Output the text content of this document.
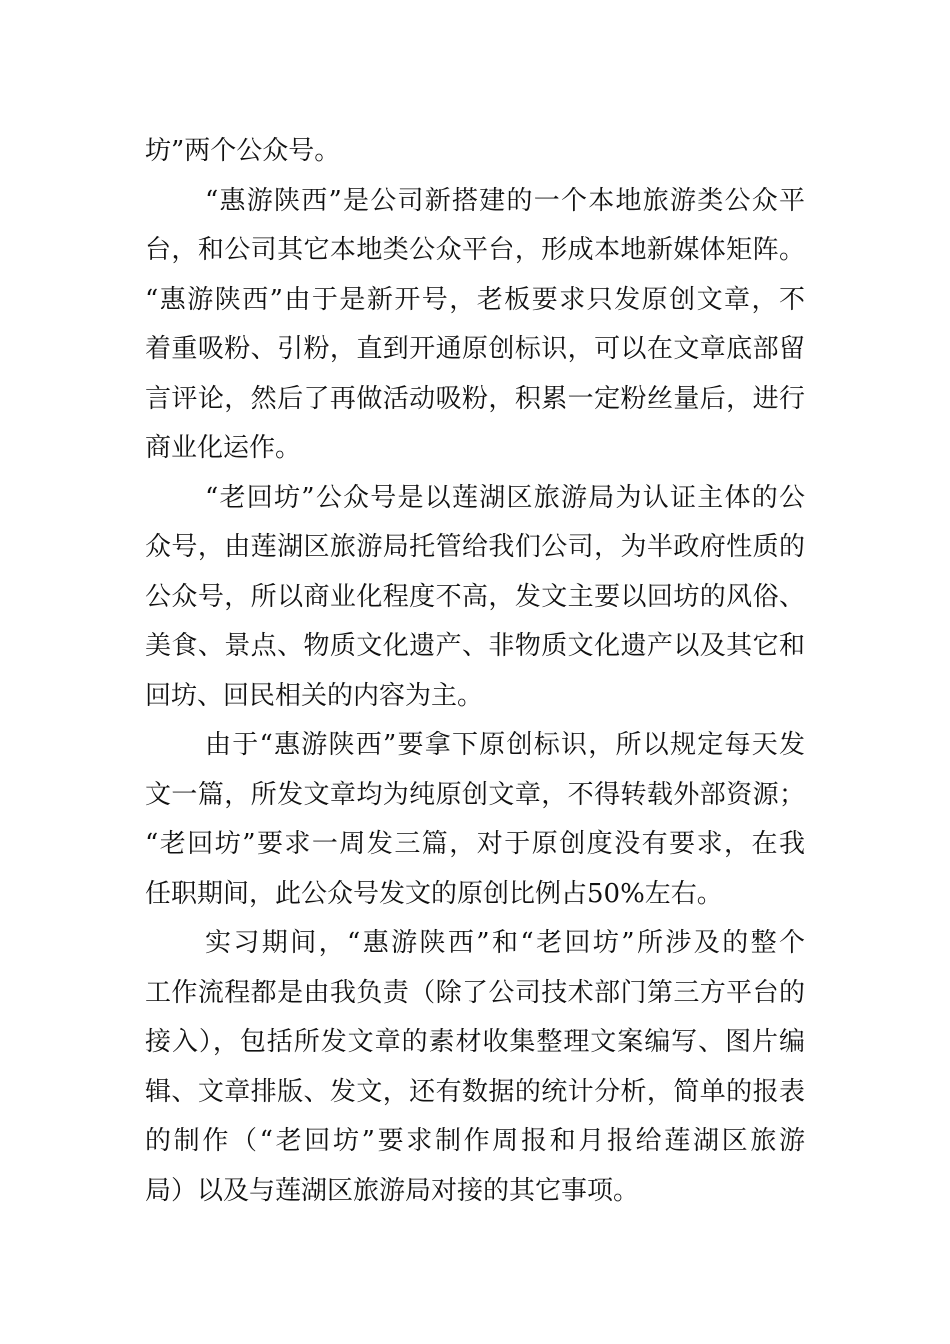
坊”两个公众号。
“惠游陕西”是公司新搭建的一个本地旅游类公众平
台，和公司其它本地类公众平台，形成本地新媒体矩阵。
“惠游陕西”由于是新开号，老板要求只发原创文章，不
着重吸粉、引粉，直到开通原创标识，可以在文章底部留
言评论，然后了再做活动吸粉，积累一定粉丝量后，进行
商业化运作。
“老回坊”公众号是以莲湖区旅游局为认证主体的公
众号，由莲湖区旅游局托管给我们公司，为半政府性质的
公众号，所以商业化程度不高，发文主要以回坊的风俗、
美食、景点、物质文化遗产、非物质文化遗产以及其它和
回坊、回民相关的内容为主。
由于“惠游陕西”要拿下原创标识，所以规定每天发
文一篇，所发文章均为纯原创文章，不得转载外部资源；
“老回坊”要求一周发三篇，对于原创度没有要求，在我
任职期间，此公众号发文的原创比例占50%左右。
实习期间，“惠游陕西”和“老回坊”所涉及的整个
工作流程都是由我负责（除了公司技术部门第三方平台的
接入），包括所发文章的素材收集整理文案编写、图片编
辑、文章排版、发文，还有数据的统计分析，简单的报表
的制作（“老回坊”要求制作周报和月报给莲湖区旅游
局）以及与莲湖区旅游局对接的其它事项。
